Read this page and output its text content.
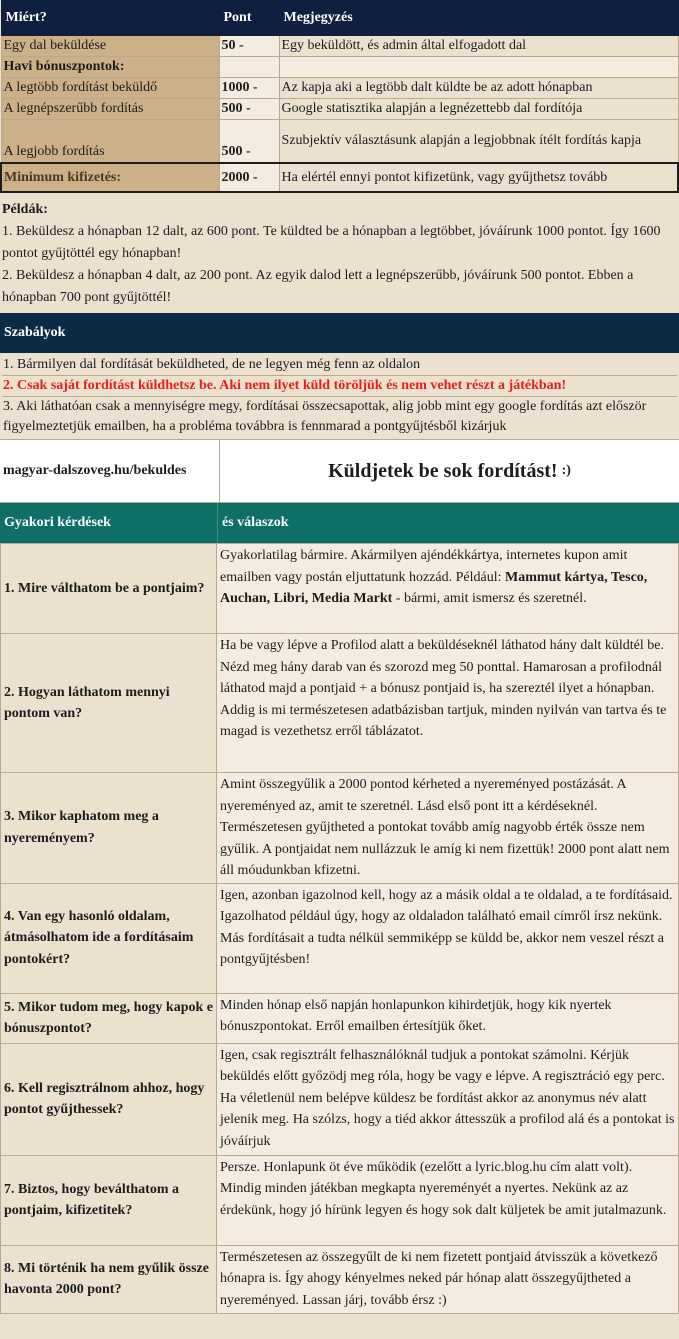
Miért?	Pont	Megjegyzés
Egy dal beküldése	50 -	Egy beküldött, és admin által elfogadott dal
Havi bónuszpontok:		
A legtöbb fordítást beküldő	1000 -	Az kapja aki a legtöbb dalt küldte be az adott hónapban
A legnépszerűbb fordítás	500 -	Google statisztika alapján a legnézettebb dal fordítója
A legjobb fordítás	500 -	Szubjektív választásunk alapján a legjobbnak ítélt fordítás kapja
Minimum kifizetés:	2000 -	Ha elértél ennyi pontot kifizetünk, vagy gyűjthetsz tovább
Példák:
1. Beküldesz a hónapban 12 dalt, az 600 pont. Te küldted be a hónapban a legtöbbet, jóváírunk 1000 pontot. Így 1600 pontot gyűjtöttél egy hónapban!
2. Beküldesz a hónapban 4 dalt, az 200 pont. Az egyik dalod lett a legnépszerűbb, jóváírunk 500 pontot. Ebben a hónapban 700 pont gyűjtöttél!
Szabályok
1. Bármilyen dal fordítását beküldheted, de ne legyen még fenn az oldalon
2. Csak saját fordítást küldhetsz be. Aki nem ilyet küld töröljük és nem vehet részt a játékban!
3. Aki láthatóan csak a mennyiségre megy, fordításai összecsapottak, alig jobb mint egy google fordítás azt először figyelmeztetjük emailben, ha a probléma továbbra is fennmarad a pontgyűjtésből kizárjuk
magyar-dalszoveg.hu/bekuldes	Küldjetek be sok fordítást! :)
Gyakori kérdések	és válaszok
1. Mire válthatom be a pontjaim?	Gyakorlatilag bármire. Akármilyen ajéndékkártya, internetes kupon amit emailben vagy postán eljuttatunk hozzád. Például: Mammut kártya, Tesco, Auchan, Libri, Media Markt - bármi, amit ismersz és szeretnél.
2. Hogyan láthatom mennyi pontom van?	Ha be vagy lépve a Profilod alatt a beküldéseknél láthatod hány dalt küldtél be. Nézd meg hány darab van és szorozd meg 50 ponttal. Hamarosan a profilodnál láthatod majd a pontjaid + a bónusz pontjaid is, ha szereztél ilyet a hónapban. Addig is mi természetesen adatbázisban tartjuk, minden nyilván van tartva és te magad is vezethetsz erről táblázatot.
3. Mikor kaphatom meg a nyereményem?	Amint összegyűlik a 2000 pontod kérheted a nyereményed postázását. A nyereményed az, amit te szeretnél. Lásd első pont itt a kérdéseknél. Természetesen gyűjtheted a pontokat tovább amíg nagyobb érték össze nem gyűlik. A pontjaidat nem nullázzuk le amíg ki nem fizettük! 2000 pont alatt nem áll móudunkban kfizetni.
4. Van egy hasonló oldalam, átmásolhatom ide a fordításaim pontokért?	Igen, azonban igazolnod kell, hogy az a másik oldal a te oldalad, a te fordításaid. Igazolhatod például úgy, hogy az oldaladon található email címről írsz nekünk. Más fordításait a tudta nélkül semmiképp se küldd be, akkor nem veszel részt a pontgyűjtésben!
5. Mikor tudom meg, hogy kapok e bónuszpontot?	Minden hónap első napján honlapunkon kihirdetjük, hogy kik nyertek bónuszpontokat. Erről emailben értesítjük őket.
6. Kell regisztrálnom ahhoz, hogy pontot gyűjthessek?	Igen, csak regisztrált felhasználóknál tudjuk a pontokat számolni. Kérjük beküldés előtt győzödj meg róla, hogy be vagy e lépve. A regisztráció egy perc. Ha véletlenül nem belépve küldesz be fordítást akkor az anonymus név alatt jelenik meg. Ha szólzs, hogy a tiéd akkor áttesszük a profilod alá és a pontokat is jóváírjuk
7. Biztos, hogy beválthatom a pontjaim, kifizetitek?	Persze. Honlapunk öt éve működik (ezelőtt a lyric.blog.hu cím alatt volt). Mindig minden játékban megkapta nyereményét a nyertes. Nekünk az az érdekünk, hogy jó hírünk legyen és hogy sok dalt küljetek be amit jutalmazunk.
8. Mi történik ha nem gyűlik össze havonta 2000 pont?	Természetesen az összegyűlt de ki nem fizetett pontjaid átvisszük a következő hónapra is. Így ahogy kényelmes neked pár hónap alatt összegyűjtheted a nyereményed. Lassan járj, tovább érsz :)
